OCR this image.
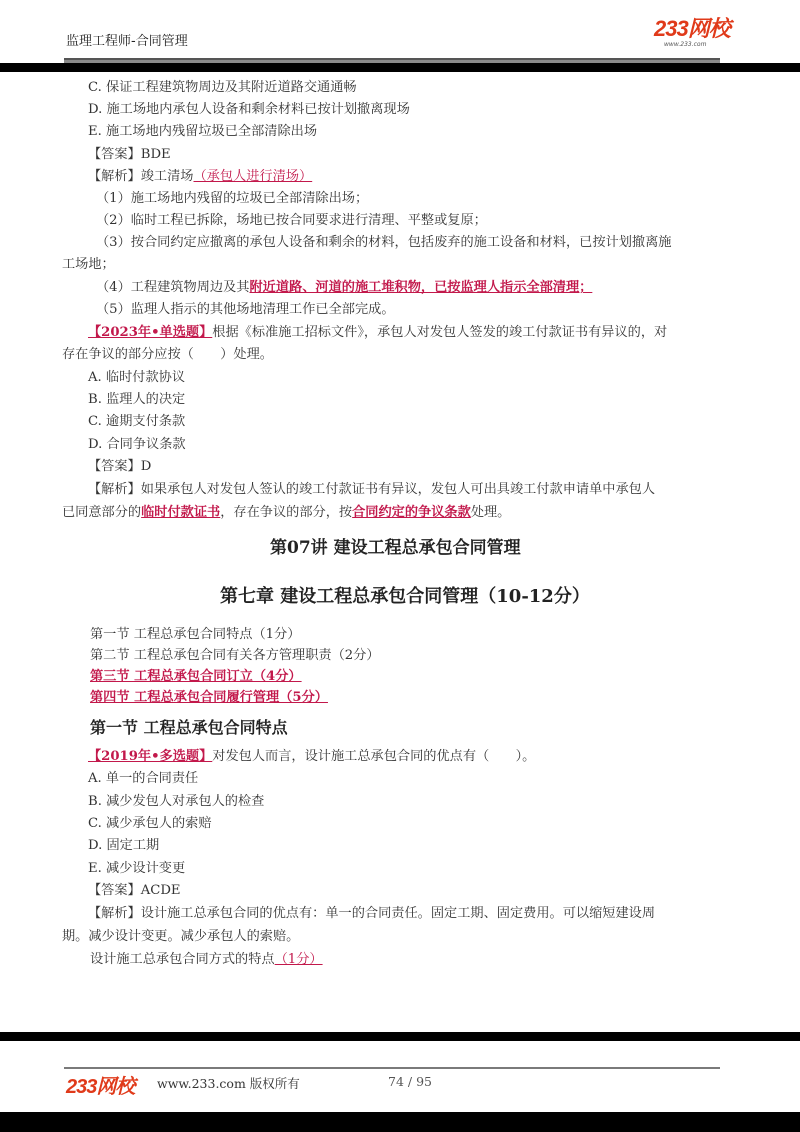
监理工程师-合同管理
233网校
www.233.com
C. 保证工程建筑物周边及其附近道路交通通畅
D. 施工场地内承包人设备和剩余材料已按计划撤离现场
E. 施工场地内残留垃圾已全部清除出场
【答案】BDE
【解析】竣工清场（承包人进行清场）
（1）施工场地内残留的垃圾已全部清除出场；
（2）临时工程已拆除，场地已按合同要求进行清理、平整或复原；
（3）按合同约定应撤离的承包人设备和剩余的材料，包括废弃的施工设备和材料，已按计划撤离施
工场地；
（4）工程建筑物周边及其附近道路、河道的施工堆积物，已按监理人指示全部清理；
（5）监理人指示的其他场地清理工作已全部完成。
【2023年•单选题】根据《标准施工招标文件》，承包人对发包人签发的竣工付款证书有异议的，对
存在争议的部分应按（　　）处理。
A. 临时付款协议
B. 监理人的决定
C. 逾期支付条款
D. 合同争议条款
【答案】D
【解析】如果承包人对发包人签认的竣工付款证书有异议，发包人可出具竣工付款申请单中承包人
已同意部分的临时付款证书，存在争议的部分，按合同约定的争议条款处理。
第07讲 建设工程总承包合同管理
第七章 建设工程总承包合同管理（10-12分）
第一节 工程总承包合同特点（1分）
第二节 工程总承包合同有关各方管理职责（2分）
第三节 工程总承包合同订立（4分）
第四节 工程总承包合同履行管理（5分）
第一节 工程总承包合同特点
【2019年•多选题】对发包人而言，设计施工总承包合同的优点有（　　）。
A. 单一的合同责任
B. 减少发包人对承包人的检查
C. 减少承包人的索赔
D. 固定工期
E. 减少设计变更
【答案】ACDE
【解析】设计施工总承包合同的优点有：单一的合同责任。固定工期、固定费用。可以缩短建设周
期。减少设计变更。减少承包人的索赔。
设计施工总承包合同方式的特点（1分）
233网校 www.233.com 版权所有	74 / 95
